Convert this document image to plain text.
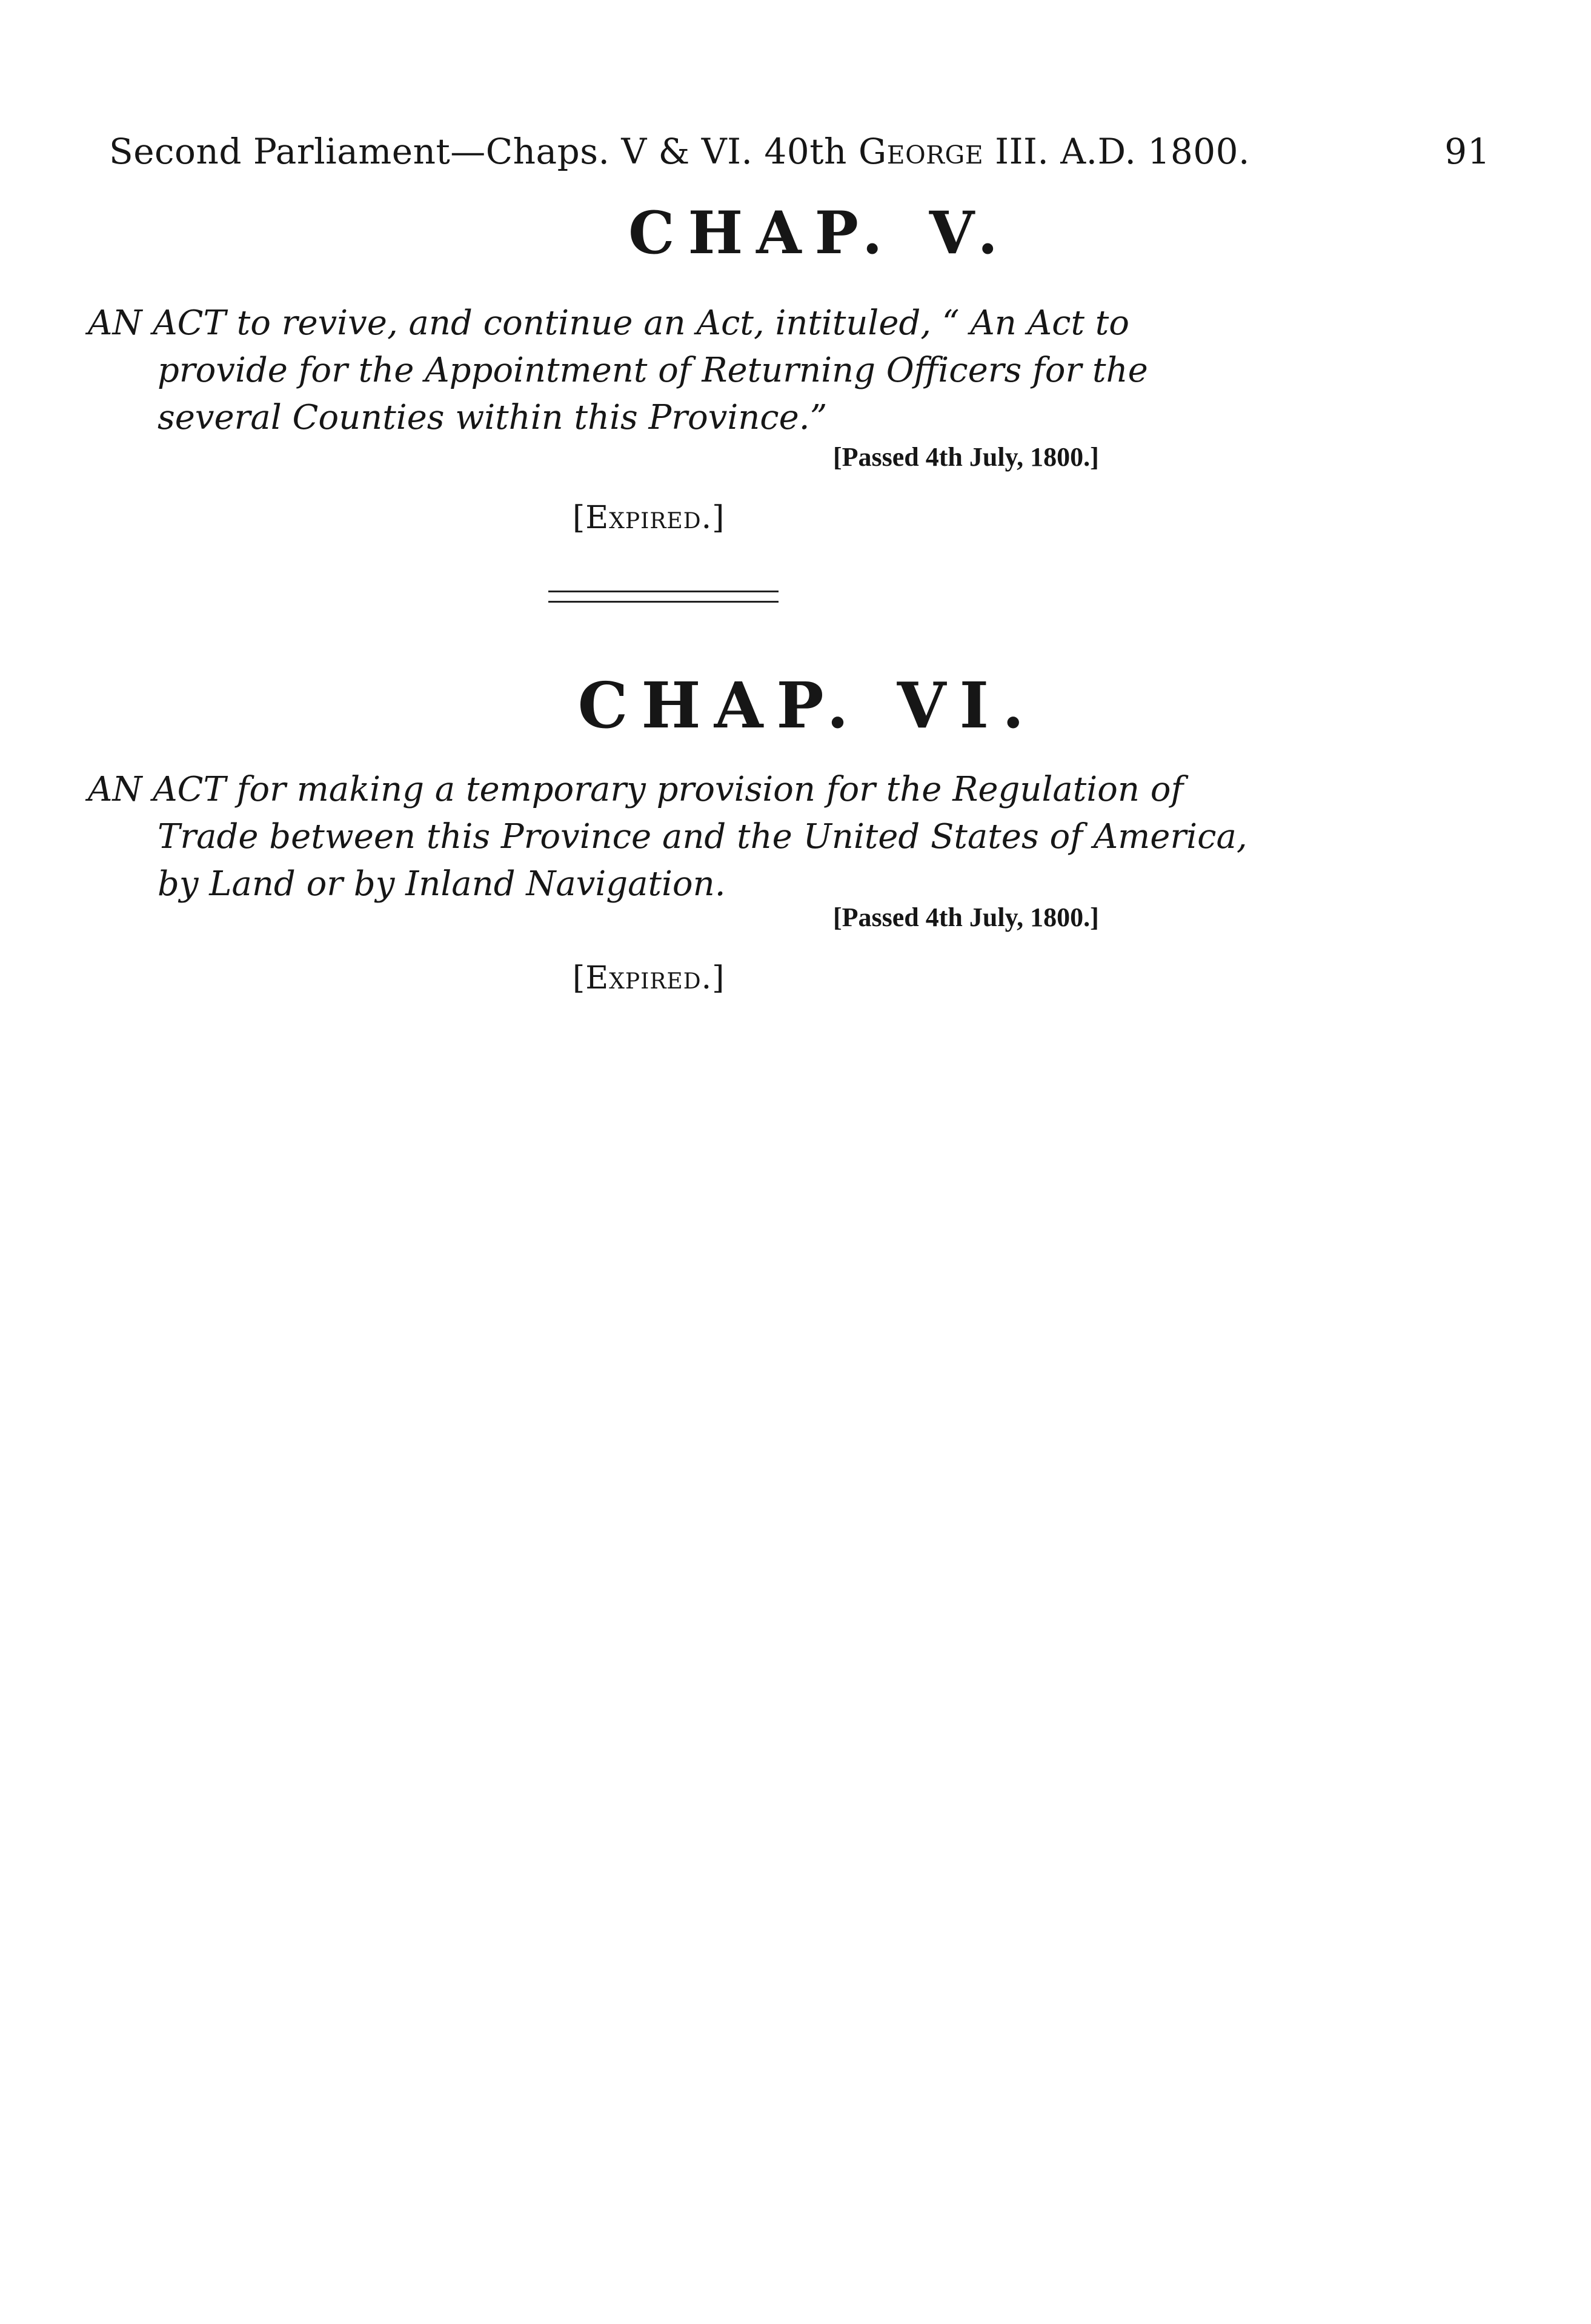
Second Parliament—Chaps. V & VI. 40th George III. A.D. 1800.	91
CHAP. V.

AN ACT to revive, and continue an Act, intituled, “ An Act to provide for the Appointment of Returning Officers for the several Counties within this Province.”

[Passed 4th July, 1800.]
[Expired.]
CHAP. VI.

AN ACT for making a temporary provision for the Regulation of Trade between this Province and the United States of America, by Land or by Inland Navigation.

[Passed 4th July, 1800.]
[Expired.]
